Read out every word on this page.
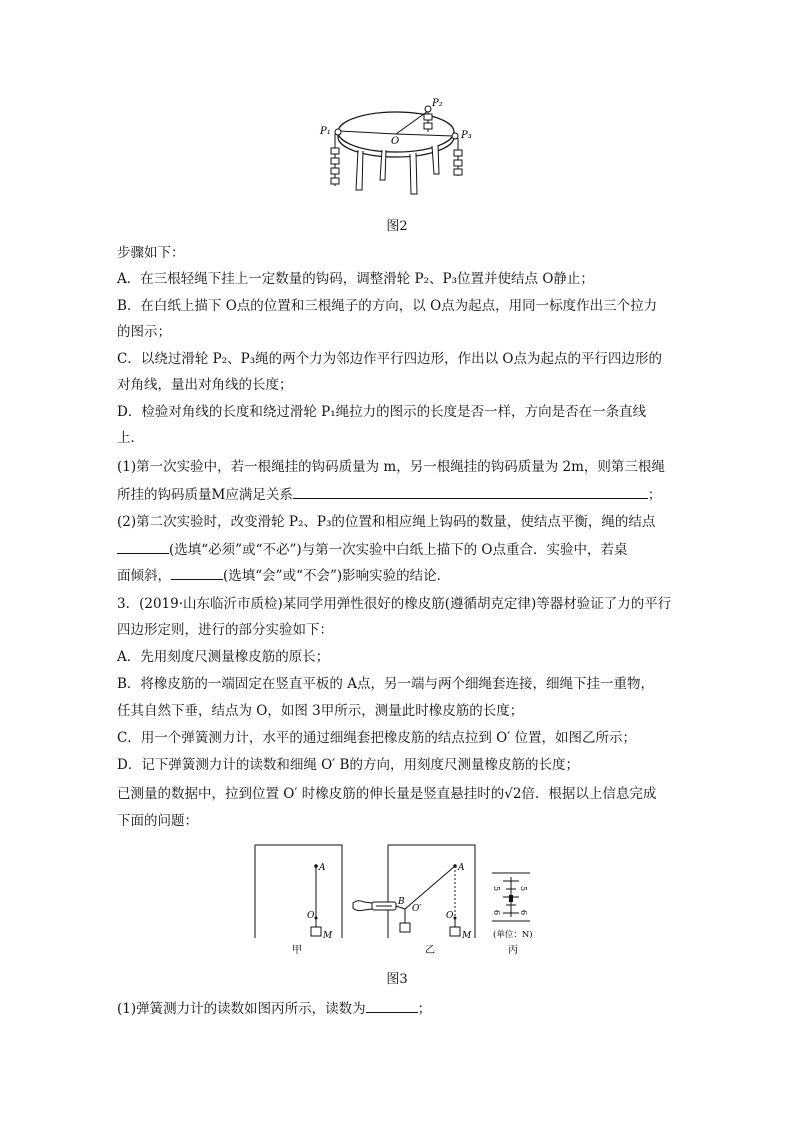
P₁
P₂
P₃
O
图2
步骤如下：
A．在三根轻绳下挂上一定数量的钩码，调整滑轮 P₂、P₃位置并使结点 O静止；
B．在白纸上描下 O点的位置和三根绳子的方向，以 O点为起点，用同一标度作出三个拉力
的图示；
C．以绕过滑轮 P₂、P₃绳的两个力为邻边作平行四边形，作出以 O点为起点的平行四边形的
对角线，量出对角线的长度；
D．检验对角线的长度和绕过滑轮 P₁绳拉力的图示的长度是否一样，方向是否在一条直线
上．
(1)第一次实验中，若一根绳挂的钩码质量为 m，另一根绳挂的钩码质量为 2m，则第三根绳
所挂的钩码质量M应满足关系	；
(2)第二次实验时，改变滑轮 P₂、P₃的位置和相应绳上钩码的数量，使结点平衡，绳的结点
(选填“必须”或“不必”)与第一次实验中白纸上描下的 O点重合．实验中，若桌
面倾斜，	(选填“会”或“不会”)影响实验的结论．
3．(2019·山东临沂市质检)某同学用弹性很好的橡皮筋(遵循胡克定律)等器材验证了力的平行
四边形定则，进行的部分实验如下：
A．先用刻度尺测量橡皮筋的原长；
B．将橡皮筋的一端固定在竖直平板的 A点，另一端与两个细绳套连接，细绳下挂一重物，
任其自然下垂，结点为 O，如图 3甲所示，测量此时橡皮筋的长度；
C．用一个弹簧测力计，水平的通过细绳套把橡皮筋的结点拉到 O′ 位置，如图乙所示；
D．记下弹簧测力计的读数和细绳 O′ B的方向，用刻度尺测量橡皮筋的长度；
已测量的数据中，拉到位置 O′ 时橡皮筋的伸长量是竖直悬挂时的√2倍．根据以上信息完成
下面的问题：
A
O
M
A
B
O′
O
M
5
6
5
6
(单位：N)
甲	乙	丙
图3
(1)弹簧测力计的读数如图丙所示，读数为	；
